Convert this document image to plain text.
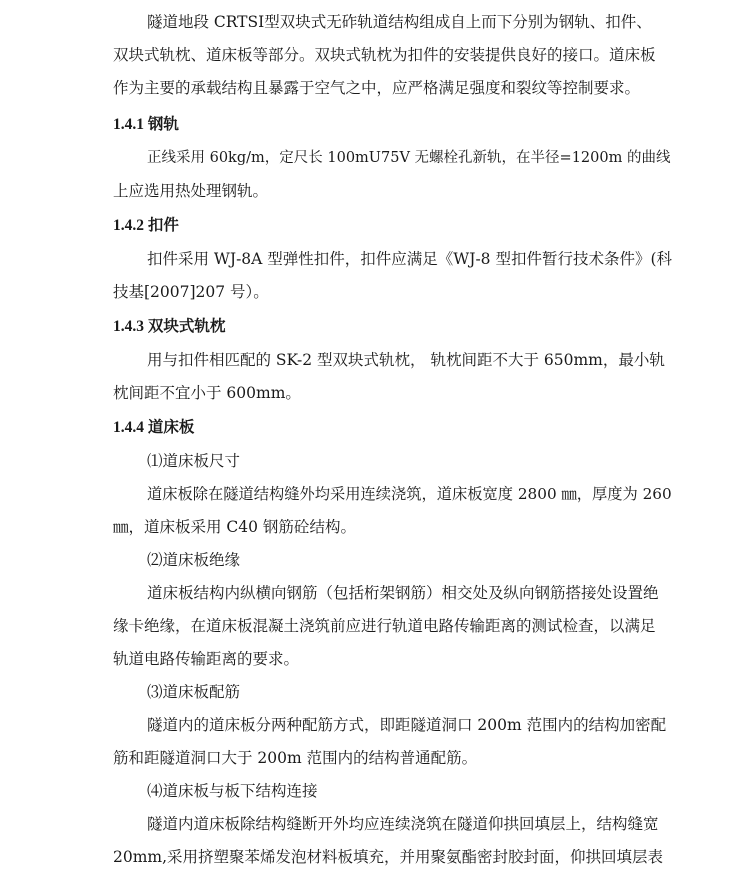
隧道地段 CRTSⅠ型双块式无砟轨道结构组成自上而下分别为钢轨、扣件、
双块式轨枕、道床板等部分。双块式轨枕为扣件的安装提供良好的接口。道床板
作为主要的承载结构且暴露于空气之中，应严格满足强度和裂纹等控制要求。
1.4.1 钢轨
正线采用 60kg/m，定尺长 100mU75V 无螺栓孔新轨，在半径=1200m 的曲线
上应选用热处理钢轨。
1.4.2 扣件
扣件采用 WJ-8A 型弹性扣件，扣件应满足《WJ-8 型扣件暂行技术条件》(科
技基[2007]207 号）。
1.4.3 双块式轨枕
用与扣件相匹配的 SK-2 型双块式轨枕， 轨枕间距不大于 650mm，最小轨
枕间距不宜小于 600mm。
1.4.4 道床板
⑴道床板尺寸
道床板除在隧道结构缝外均采用连续浇筑，道床板宽度 2800 ㎜，厚度为 260
㎜，道床板采用 C40 钢筋砼结构。
⑵道床板绝缘
道床板结构内纵横向钢筋（包括桁架钢筋）相交处及纵向钢筋搭接处设置绝
缘卡绝缘，在道床板混凝土浇筑前应进行轨道电路传输距离的测试检查，以满足
轨道电路传输距离的要求。
⑶道床板配筋
隧道内的道床板分两种配筋方式，即距隧道洞口 200m 范围内的结构加密配
筋和距隧道洞口大于 200m 范围内的结构普通配筋。
⑷道床板与板下结构连接
隧道内道床板除结构缝断开外均应连续浇筑在隧道仰拱回填层上，结构缝宽
20mm,采用挤塑聚苯烯发泡材料板填充，并用聚氨酯密封胶封面，仰拱回填层表
